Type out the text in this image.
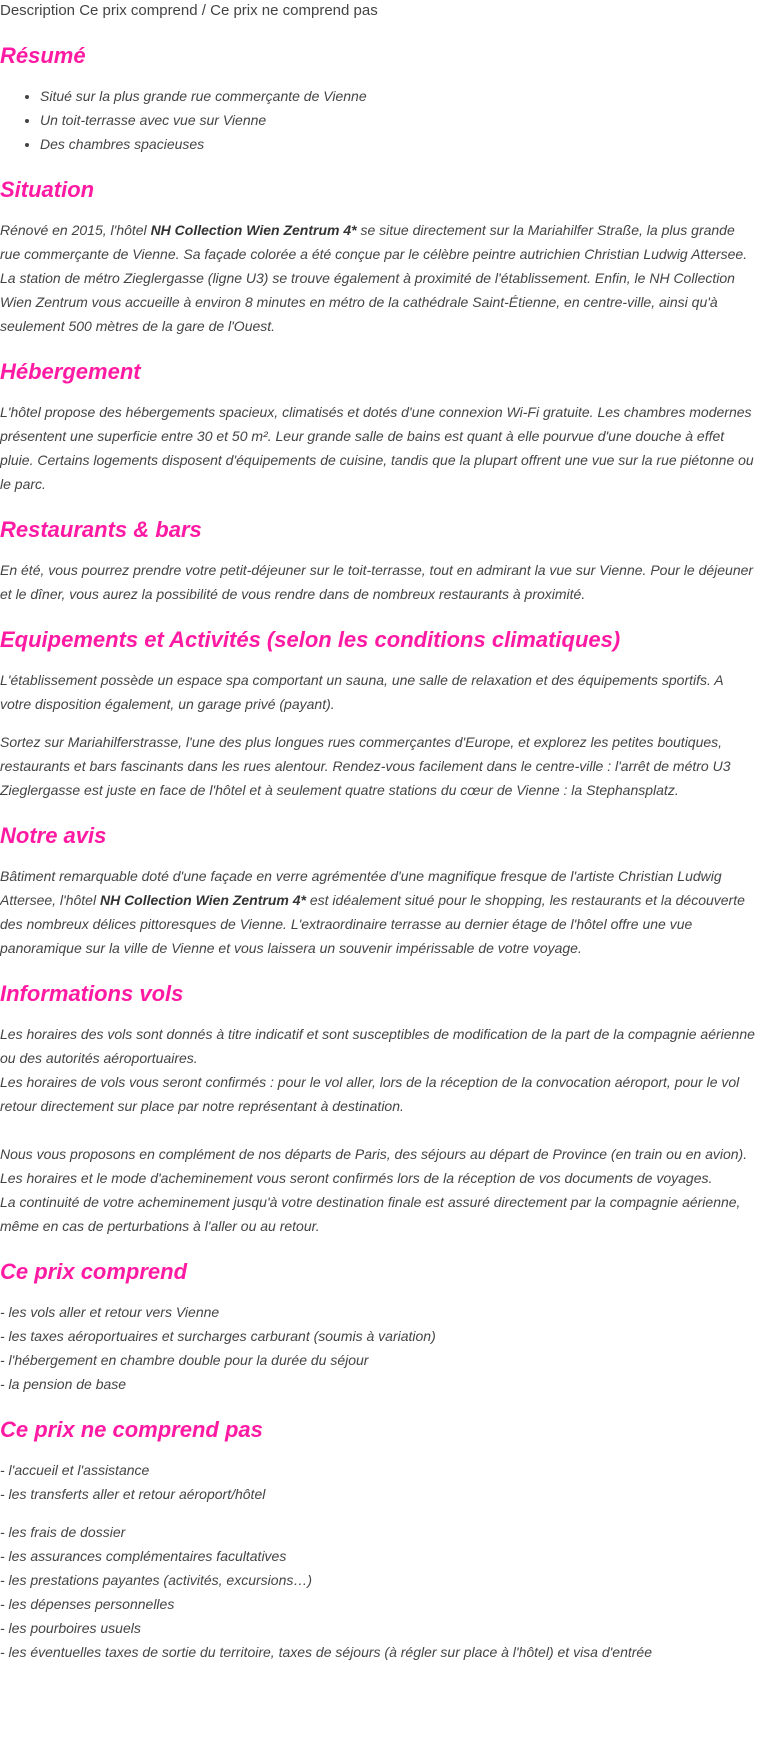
Description Ce prix comprend / Ce prix ne comprend pas
Résumé
• Situé sur la plus grande rue commerçante de Vienne
• Un toit-terrasse avec vue sur Vienne
• Des chambres spacieuses
Situation

Rénové en 2015, l'hôtel NH Collection Wien Zentrum 4* se situe directement sur la Mariahilfer Straße, la plus grande rue commerçante de Vienne. Sa façade colorée a été conçue par le célèbre peintre autrichien Christian Ludwig Attersee. La station de métro Zieglergasse (ligne U3) se trouve également à proximité de l'établissement. Enfin, le NH Collection Wien Zentrum vous accueille à environ 8 minutes en métro de la cathédrale Saint-Étienne, en centre-ville, ainsi qu'à seulement 500 mètres de la gare de l'Ouest.

Hébergement

L'hôtel propose des hébergements spacieux, climatisés et dotés d'une connexion Wi-Fi gratuite. Les chambres modernes présentent une superficie entre 30 et 50 m². Leur grande salle de bains est quant à elle pourvue d'une douche à effet pluie. Certains logements disposent d'équipements de cuisine, tandis que la plupart offrent une vue sur la rue piétonne ou le parc.

Restaurants & bars

En été, vous pourrez prendre votre petit-déjeuner sur le toit-terrasse, tout en admirant la vue sur Vienne. Pour le déjeuner et le dîner, vous aurez la possibilité de vous rendre dans de nombreux restaurants à proximité.

Equipements et Activités (selon les conditions climatiques)

L'établissement possède un espace spa comportant un sauna, une salle de relaxation et des équipements sportifs. A votre disposition également, un garage privé (payant).

Sortez sur Mariahilferstrasse, l'une des plus longues rues commerçantes d'Europe, et explorez les petites boutiques, restaurants et bars fascinants dans les rues alentour. Rendez-vous facilement dans le centre-ville : l'arrêt de métro U3 Zieglergasse est juste en face de l'hôtel et à seulement quatre stations du cœur de Vienne : la Stephansplatz.

Notre avis

Bâtiment remarquable doté d'une façade en verre agrémentée d'une magnifique fresque de l'artiste Christian Ludwig Attersee, l'hôtel NH Collection Wien Zentrum 4* est idéalement situé pour le shopping, les restaurants et la découverte des nombreux délices pittoresques de Vienne. L'extraordinaire terrasse au dernier étage de l'hôtel offre une vue panoramique sur la ville de Vienne et vous laissera un souvenir impérissable de votre voyage.

Informations vols
Les horaires des vols sont donnés à titre indicatif et sont susceptibles de modification de la part de la compagnie aérienne ou des autorités aéroportuaires.
Les horaires de vols vous seront confirmés : pour le vol aller, lors de la réception de la convocation aéroport, pour le vol retour directement sur place par notre représentant à destination.
Nous vous proposons en complément de nos départs de Paris, des séjours au départ de Province (en train ou en avion).
Les horaires et le mode d'acheminement vous seront confirmés lors de la réception de vos documents de voyages.
La continuité de votre acheminement jusqu'à votre destination finale est assuré directement par la compagnie aérienne, même en cas de perturbations à l'aller ou au retour.
Ce prix comprend
- les vols aller et retour vers Vienne
- les taxes aéroportuaires et surcharges carburant (soumis à variation)
- l'hébergement en chambre double pour la durée du séjour
- la pension de base
Ce prix ne comprend pas
- l'accueil et l'assistance
- les transferts aller et retour aéroport/hôtel
- les frais de dossier
- les assurances complémentaires facultatives
- les prestations payantes (activités, excursions…)
- les dépenses personnelles
- les pourboires usuels
- les éventuelles taxes de sortie du territoire, taxes de séjours (à régler sur place à l'hôtel) et visa d'entrée
